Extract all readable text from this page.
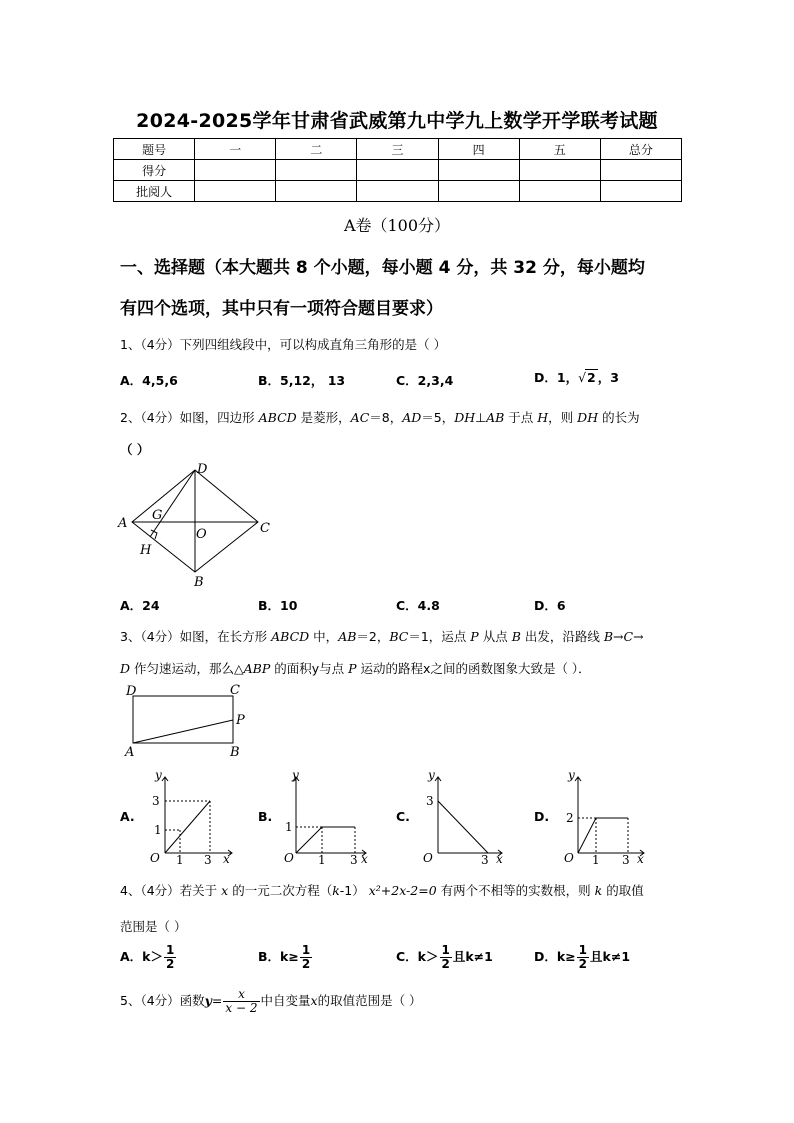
2024-2025学年甘肃省武威第九中学九上数学开学联考试题
题号	一	二	三	四	五	总分
得分						
批阅人						
A卷（100分）
一、选择题（本大题共 8 个小题，每小题 4 分，共 32 分，每小题均
有四个选项，其中只有一项符合题目要求）
1、（4分）下列四组线段中，可以构成直角三角形的是（ ）
A．4,5,6	B．5,12， 13	C．2,3,4	D．1，√2 ，3
2、（4分）如图，四边形 ABCD 是菱形，AC＝8，AD＝5，DH⊥AB 于点 H，则 DH 的长为
（ ）
A
B
C
D
G
H
O
A．24	B．10	C．4.8	D．6
3、（4分）如图，在长方形 ABCD 中，AB＝2，BC＝1，运点 P 从点 B 出发，沿路线 B→C→
D 作匀速运动，那么△ABP 的面积y与点 P 运动的路程x之间的函数图象大致是（ ）．
A	B
C
D
P
A.
y
x
O
3
1
1 3
B.
y
x
O
1
1 3
C.
y
x
O
3
3
D.
y
x
O
2
1 3
4、（4分）若关于 x 的一元二次方程（k-1） x²+2x-2=0 有两个不相等的实数根，则 k 的取值
范围是（ ）
A．$k> \frac{1}{2}$	B．$k\ge \frac{1}{2}$	C．$k> \frac{1}{2}$ 且k≠1	D．$k\ge \frac{1}{2}$ 且k≠1
5、（4分）函数$y= \frac{x}{x - 2}$ 中自变量x的取值范围是（ ）
